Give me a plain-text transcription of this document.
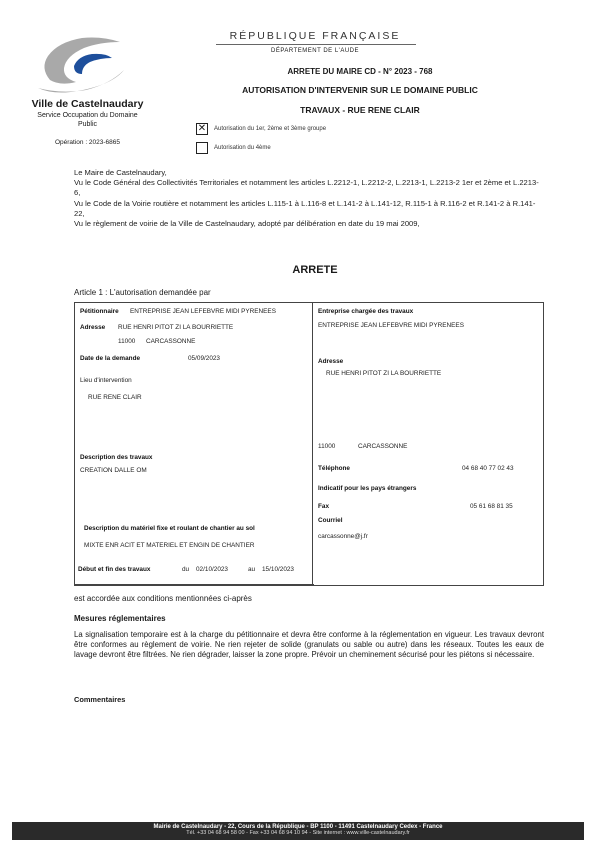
Ville de Castelnaudary
Service Occupation du Domaine Public
Opération : 2023-6865
RÉPUBLIQUE FRANÇAISE
DÉPARTEMENT DE L'AUDE
ARRETE DU MAIRE CD - N° 2023 - 768
AUTORISATION D'INTERVENIR SUR LE DOMAINE PUBLIC
TRAVAUX - RUE RENE CLAIR
✕ Autorisation du 1er, 2ème et 3ème groupe
Autorisation du 4ème

Le Maire de Castelnaudary,

Vu le Code Général des Collectivités Territoriales et notamment les articles L.2212-1, L.2212-2, L.2213-1, L.2213-2 1er et 2ème et L.2213-6,

Vu le Code de la Voirie routière et notamment les articles L.115-1 à L.116-8 et L.141-2 à L.141-12, R.115-1 à R.116-2 et R.141-2 à R.141-22,

Vu le règlement de voirie de la Ville de Castelnaudary, adopté par délibération en date du 19 mai 2009,

ARRETE
Article 1 : L'autorisation demandée par
Pétitionnaire ENTREPRISE JEAN LEFEBVRE MIDI PYRENEES
Adresse RUE HENRI PITOT ZI LA BOURRIETTE
11000 CARCASSONNE
Date de la demande	05/09/2023
Lieu d'intervention
RUE RENE CLAIR
Description des travaux
CREATION DALLE OM
Description du matériel fixe et roulant de chantier au sol
MIXTE ENR ACIT ET MATERIEL ET ENGIN DE CHANTIER
Début et fin des travaux	du 02/10/2023	au 15/10/2023
Entreprise chargée des travaux
ENTREPRISE JEAN LEFEBVRE MIDI PYRENEES
Adresse
RUE HENRI PITOT ZI LA BOURRIETTE
11000	CARCASSONNE
Téléphone	04 68 40 77 02 43
Indicatif pour les pays étrangers
Fax	05 61 68 81 35
Courriel
carcassonne@j.fr
est accordée aux conditions mentionnées ci-après
Mesures réglementaires
La signalisation temporaire est à la charge du pétitionnaire et devra être conforme à la réglementation en vigueur. Les travaux devront être conformes au règlement de voirie. Ne rien rejeter de solide (granulats ou sable ou autre) dans les réseaux. Toutes les eaux de lavage devront être filtrées. Ne rien dégrader, laisser la zone propre. Prévoir un cheminement sécurisé pour les piétons si nécessaire.
Commentaires
Mairie de Castelnaudary - 22, Cours de la République - BP 1100 - 11491 Castelnaudary Cedex - France
Tél. +33 04 68 94 58 00 - Fax +33 04 68 94 10 94 - Site internet : www.ville-castelnaudary.fr
